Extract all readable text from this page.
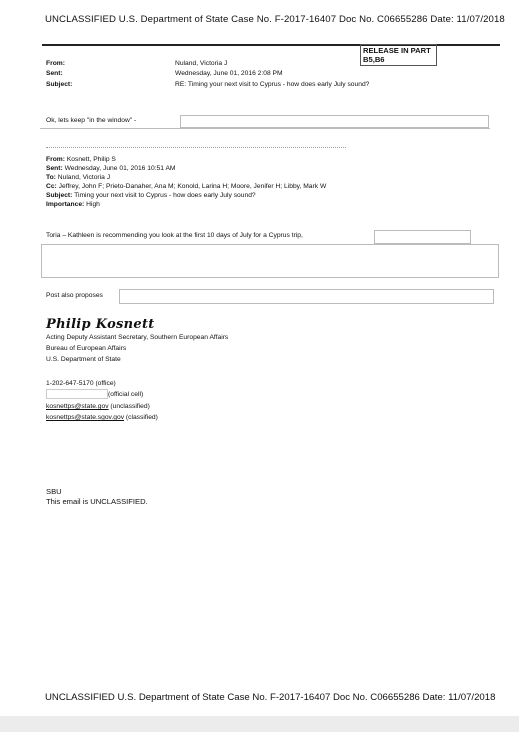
UNCLASSIFIED U.S. Department of State Case No. F-2017-16407 Doc No. C06655286 Date: 11/07/2018
RELEASE IN PART
B5,B6
From:	Nuland, Victoria J
Sent:	Wednesday, June 01, 2016 2:08 PM
Subject:	RE: Timing your next visit to Cyprus - how does early July sound?
Ok, lets keep "in the window" -
From: Kosnett, Philip S
Sent: Wednesday, June 01, 2016 10:51 AM
To: Nuland, Victoria J
Cc: Jeffrey, John F; Prieto-Danaher, Ana M; Konold, Larina H; Moore, Jenifer H; Libby, Mark W
Subject: Timing your next visit to Cyprus - how does early July sound?
Importance: High
Toria – Kathleen is recommending you look at the first 10 days of July for a Cyprus trip,
Post also proposes
Philip Kosnett
Acting Deputy Assistant Secretary, Southern European Affairs
Bureau of European Affairs
U.S. Department of State
1-202-647-5170 (office)
(official cell)
kosnettps@state.gov (unclassified)
kosnettps@state.sgov.gov (classified)
SBU
This email is UNCLASSIFIED.
UNCLASSIFIED U.S. Department of State Case No. F-2017-16407 Doc No. C06655286 Date: 11/07/2018
